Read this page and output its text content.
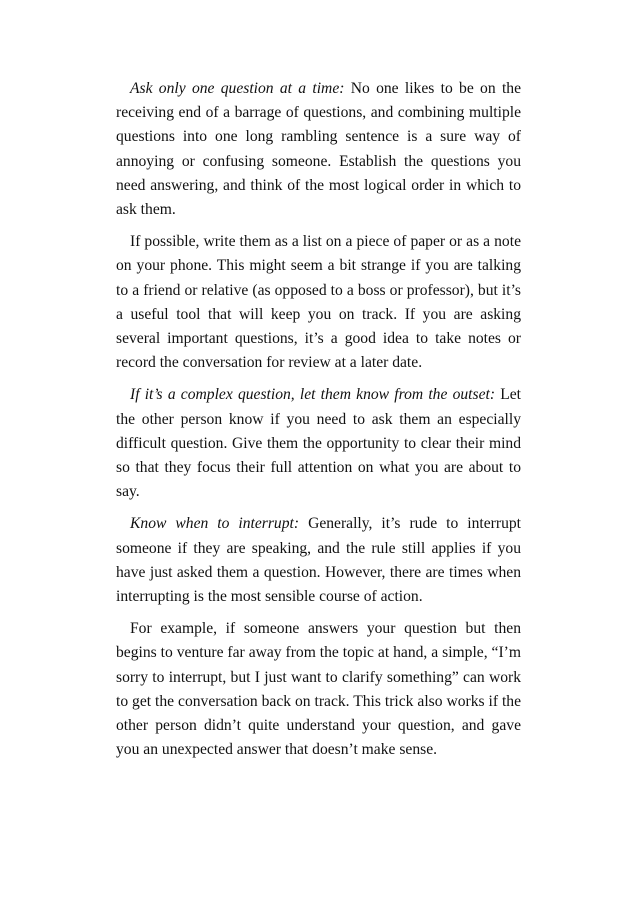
Ask only one question at a time: No one likes to be on the receiving end of a barrage of questions, and combining multiple questions into one long rambling sentence is a sure way of annoying or confusing someone. Establish the questions you need answering, and think of the most logical order in which to ask them.

If possible, write them as a list on a piece of paper or as a note on your phone. This might seem a bit strange if you are talking to a friend or relative (as opposed to a boss or professor), but it’s a useful tool that will keep you on track. If you are asking several important questions, it’s a good idea to take notes or record the conversation for review at a later date.

If it’s a complex question, let them know from the outset: Let the other person know if you need to ask them an especially difficult question. Give them the opportunity to clear their mind so that they focus their full attention on what you are about to say.

Know when to interrupt: Generally, it’s rude to interrupt someone if they are speaking, and the rule still applies if you have just asked them a question. However, there are times when interrupting is the most sensible course of action.

For example, if someone answers your question but then begins to venture far away from the topic at hand, a simple, “I’m sorry to interrupt, but I just want to clarify something” can work to get the conversation back on track. This trick also works if the other person didn’t quite understand your question, and gave you an unexpected answer that doesn’t make sense.
